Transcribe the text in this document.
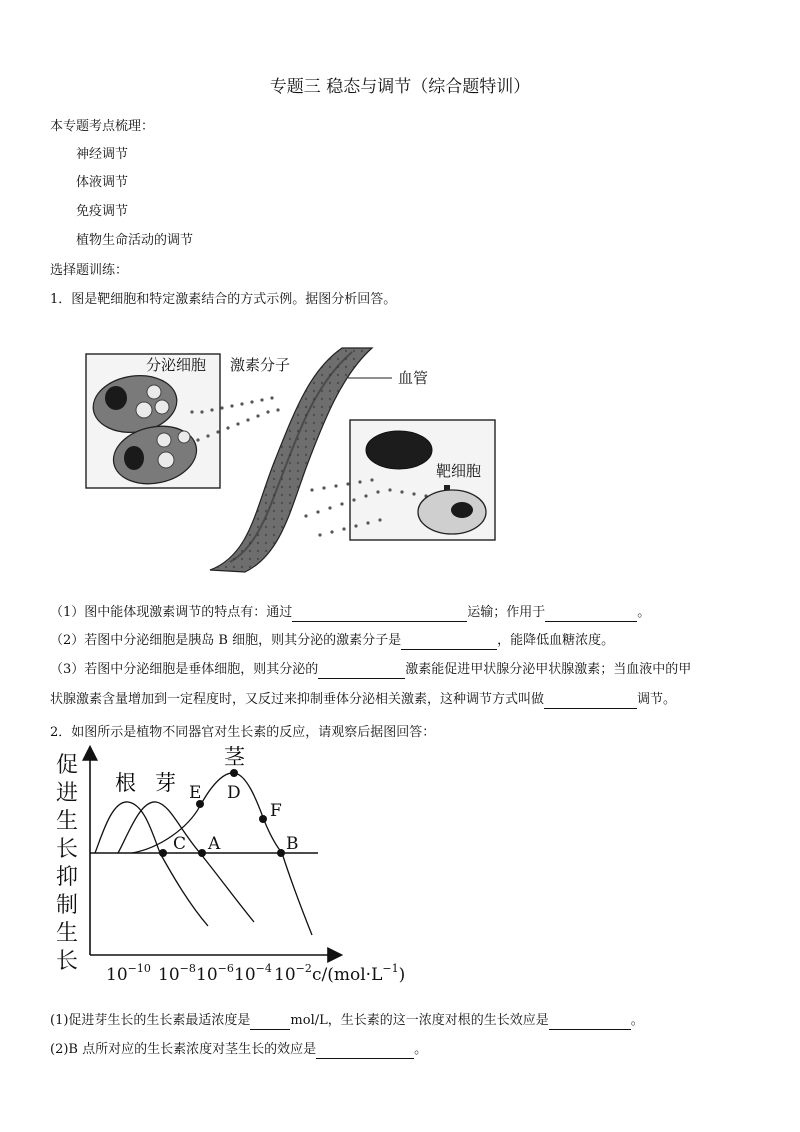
专题三 稳态与调节（综合题特训）
本专题考点梳理：
神经调节
体液调节
免疫调节
植物生命活动的调节
选择题训练：
1．图是靶细胞和特定激素结合的方式示例。据图分析回答。
分泌细胞 激素分子
血管
靶细胞
（1）图中能体现激素调节的特点有：通过	运输；作用于	。
（2）若图中分泌细胞是胰岛 B 细胞，则其分泌的激素分子是	，能降低血糖浓度。
（3）若图中分泌细胞是垂体细胞，则其分泌的	激素能促进甲状腺分泌甲状腺激素；当血液中的甲
状腺激素含量增加到一定程度时，又反过来抑制垂体分泌相关激素，这种调节方式叫做	调节。
2．如图所示是植物不同器官对生长素的反应，请观察后据图回答：
促
进
生
长
抑
制
生
长
根 芽
茎
E D
F
C A	B
$10^{-10}$ $10^{-8}$ $10^{-6}$ $10^{-4}$ $10^{-2}$ $c/(mol\cdot L^{-1})$
(1)促进芽生长的生长素最适浓度是	mol/L，生长素的这一浓度对根的生长效应是	。
(2)B 点所对应的生长素浓度对茎生长的效应是	。
